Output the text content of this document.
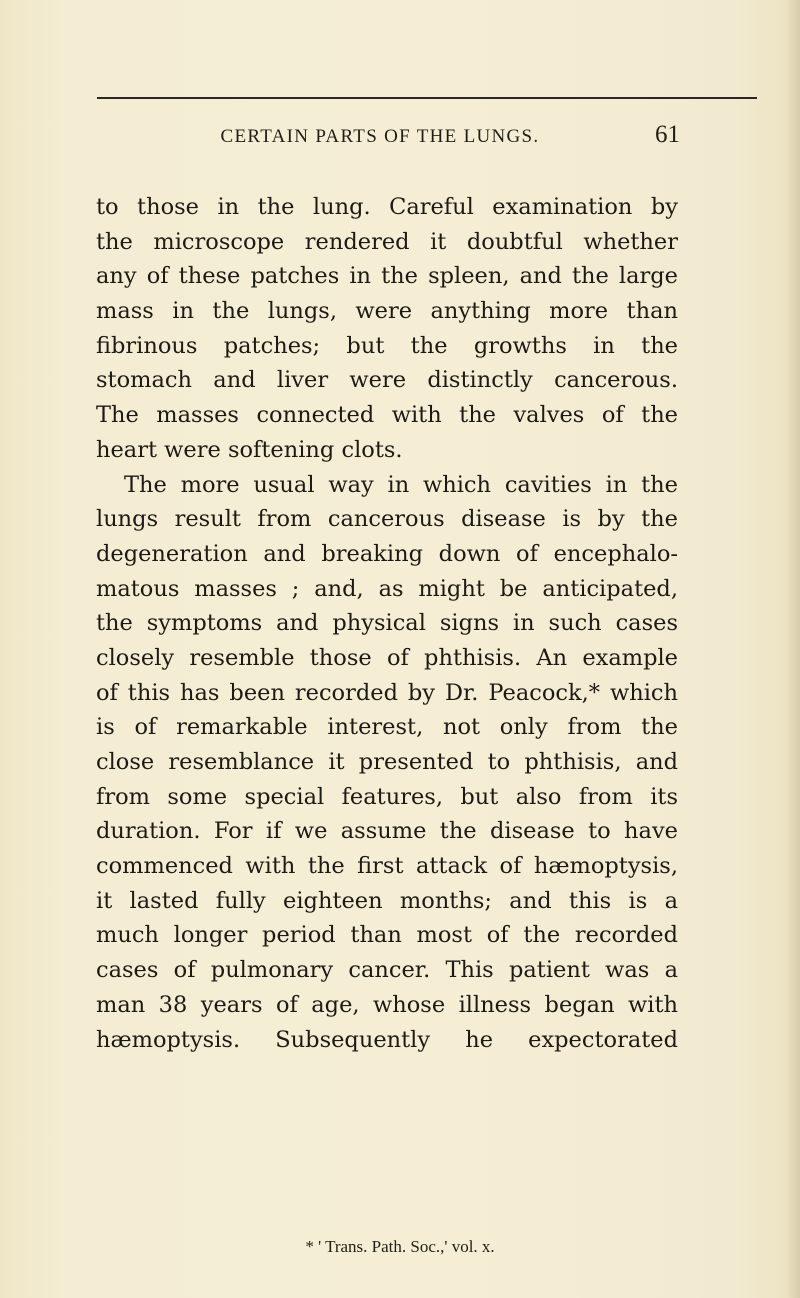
CERTAIN PARTS OF THE LUNGS.	61
to those in the lung. Careful examination by
the microscope rendered it doubtful whether
any of these patches in the spleen, and the large
mass in the lungs, were anything more than
fibrinous patches; but the growths in the
stomach and liver were distinctly cancerous.
The masses connected with the valves of the
heart were softening clots.
The more usual way in which cavities in the
lungs result from cancerous disease is by the
degeneration and breaking down of encephalo-
matous masses ; and, as might be anticipated,
the symptoms and physical signs in such cases
closely resemble those of phthisis. An example
of this has been recorded by Dr. Peacock,* which
is of remarkable interest, not only from the
close resemblance it presented to phthisis, and
from some special features, but also from its
duration. For if we assume the disease to have
commenced with the first attack of hæmoptysis,
it lasted fully eighteen months; and this is a
much longer period than most of the recorded
cases of pulmonary cancer. This patient was a
man 38 years of age, whose illness began with
hæmoptysis. Subsequently he expectorated
* ' Trans. Path. Soc.,' vol. x.
